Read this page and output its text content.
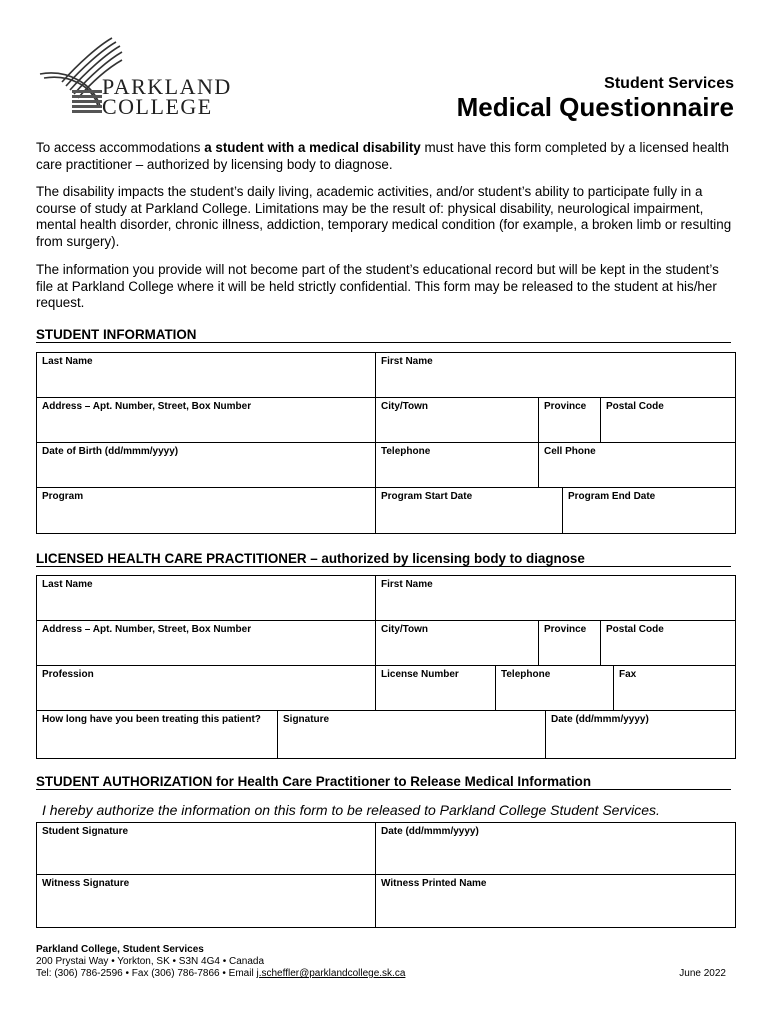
PARKLAND
COLLEGE
Student Services
Medical Questionnaire
To access accommodations a student with a medical disability must have this form completed by a licensed health care practitioner – authorized by licensing body to diagnose.
The disability impacts the student’s daily living, academic activities, and/or student’s ability to participate fully in a course of study at Parkland College. Limitations may be the result of: physical disability, neurological impairment, mental health disorder, chronic illness, addiction, temporary medical condition (for example, a broken limb or resulting from surgery).
The information you provide will not become part of the student’s educational record but will be kept in the student’s file at Parkland College where it will be held strictly confidential. This form may be released to the student at his/her request.
STUDENT INFORMATION
Last Name	First Name
Address – Apt. Number, Street, Box Number	City/Town	Province	Postal Code
Date of Birth (dd/mmm/yyyy)	Telephone	Cell Phone
Program	Program Start Date	Program End Date
LICENSED HEALTH CARE PRACTITIONER – authorized by licensing body to diagnose
Last Name	First Name
Address – Apt. Number, Street, Box Number	City/Town	Province	Postal Code
Profession	License Number	Telephone	Fax
How long have you been treating this patient?	Signature	Date (dd/mmm/yyyy)
STUDENT AUTHORIZATION for Health Care Practitioner to Release Medical Information
I hereby authorize the information on this form to be released to Parkland College Student Services.
Student Signature	Date (dd/mmm/yyyy)
Witness Signature	Witness Printed Name
Parkland College, Student Services
200 Prystai Way • Yorkton, SK • S3N 4G4 • Canada
Tel: (306) 786-2596 • Fax (306) 786-7866 • Email j.scheffler@parklandcollege.sk.ca	June 2022
